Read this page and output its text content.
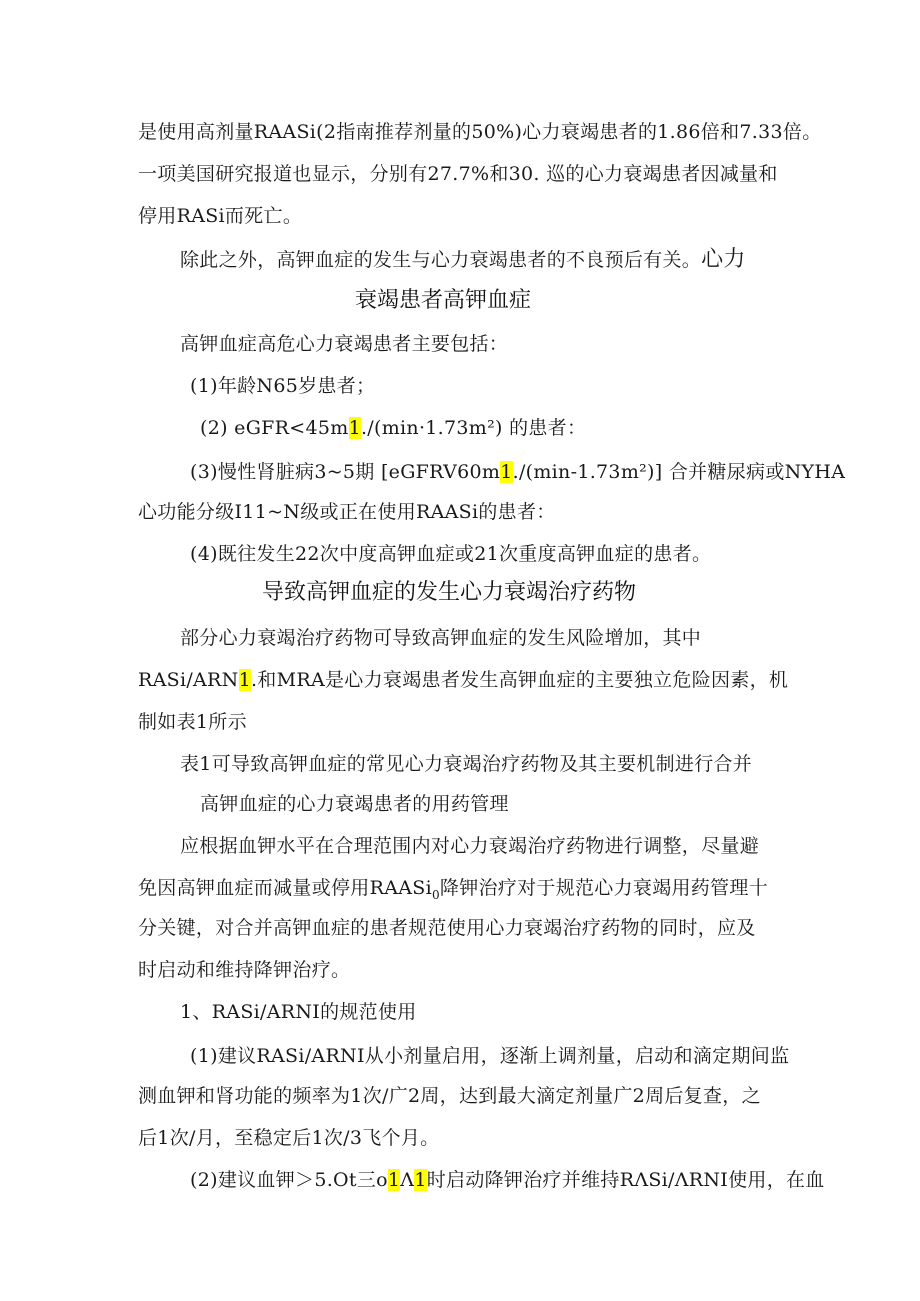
是使用高剂量RAASi(2指南推荐剂量的50%)心力衰竭患者的1.86倍和7.33倍。
一项美国研究报道也显示，分别有27.7%和30. 巡的心力衰竭患者因减量和
停用RASi而死亡。
除此之外，高钾血症的发生与心力衰竭患者的不良预后有关。心力
衰竭患者高钾血症
高钾血症高危心力衰竭患者主要包括：
(1)年龄N65岁患者；
(2) eGFR<45m1./(min·1.73m²) 的患者：
(3)慢性肾脏病3~5期 [eGFRV60m1./(min-1.73m²)] 合并糖尿病或NYHA
心功能分级I11~N级或正在使用RAASi的患者：
(4)既往发生22次中度高钾血症或21次重度高钾血症的患者。
导致高钾血症的发生心力衰竭治疗药物
部分心力衰竭治疗药物可导致高钾血症的发生风险增加，其中
RASi/ARN1.和MRA是心力衰竭患者发生高钾血症的主要独立危险因素，机
制如表1所示
表1可导致高钾血症的常见心力衰竭治疗药物及其主要机制进行合并
高钾血症的心力衰竭患者的用药管理
应根据血钾水平在合理范围内对心力衰竭治疗药物进行调整，尽量避
免因高钾血症而减量或停用RAASi$_0$降钾治疗对于规范心力衰竭用药管理十
分关键，对合并高钾血症的患者规范使用心力衰竭治疗药物的同时，应及
时启动和维持降钾治疗。
1、RASi/ARNI的规范使用
(1)建议RASi/ARNI从小剂量启用，逐渐上调剂量，启动和滴定期间监
测血钾和肾功能的频率为1次/广2周，达到最大滴定剂量广2周后复查，之
后1次/月，至稳定后1次/3飞个月。
(2)建议血钾＞5.Ot三o1Λ1时启动降钾治疗并维持RΛSi/ΛRNI使用，在血
